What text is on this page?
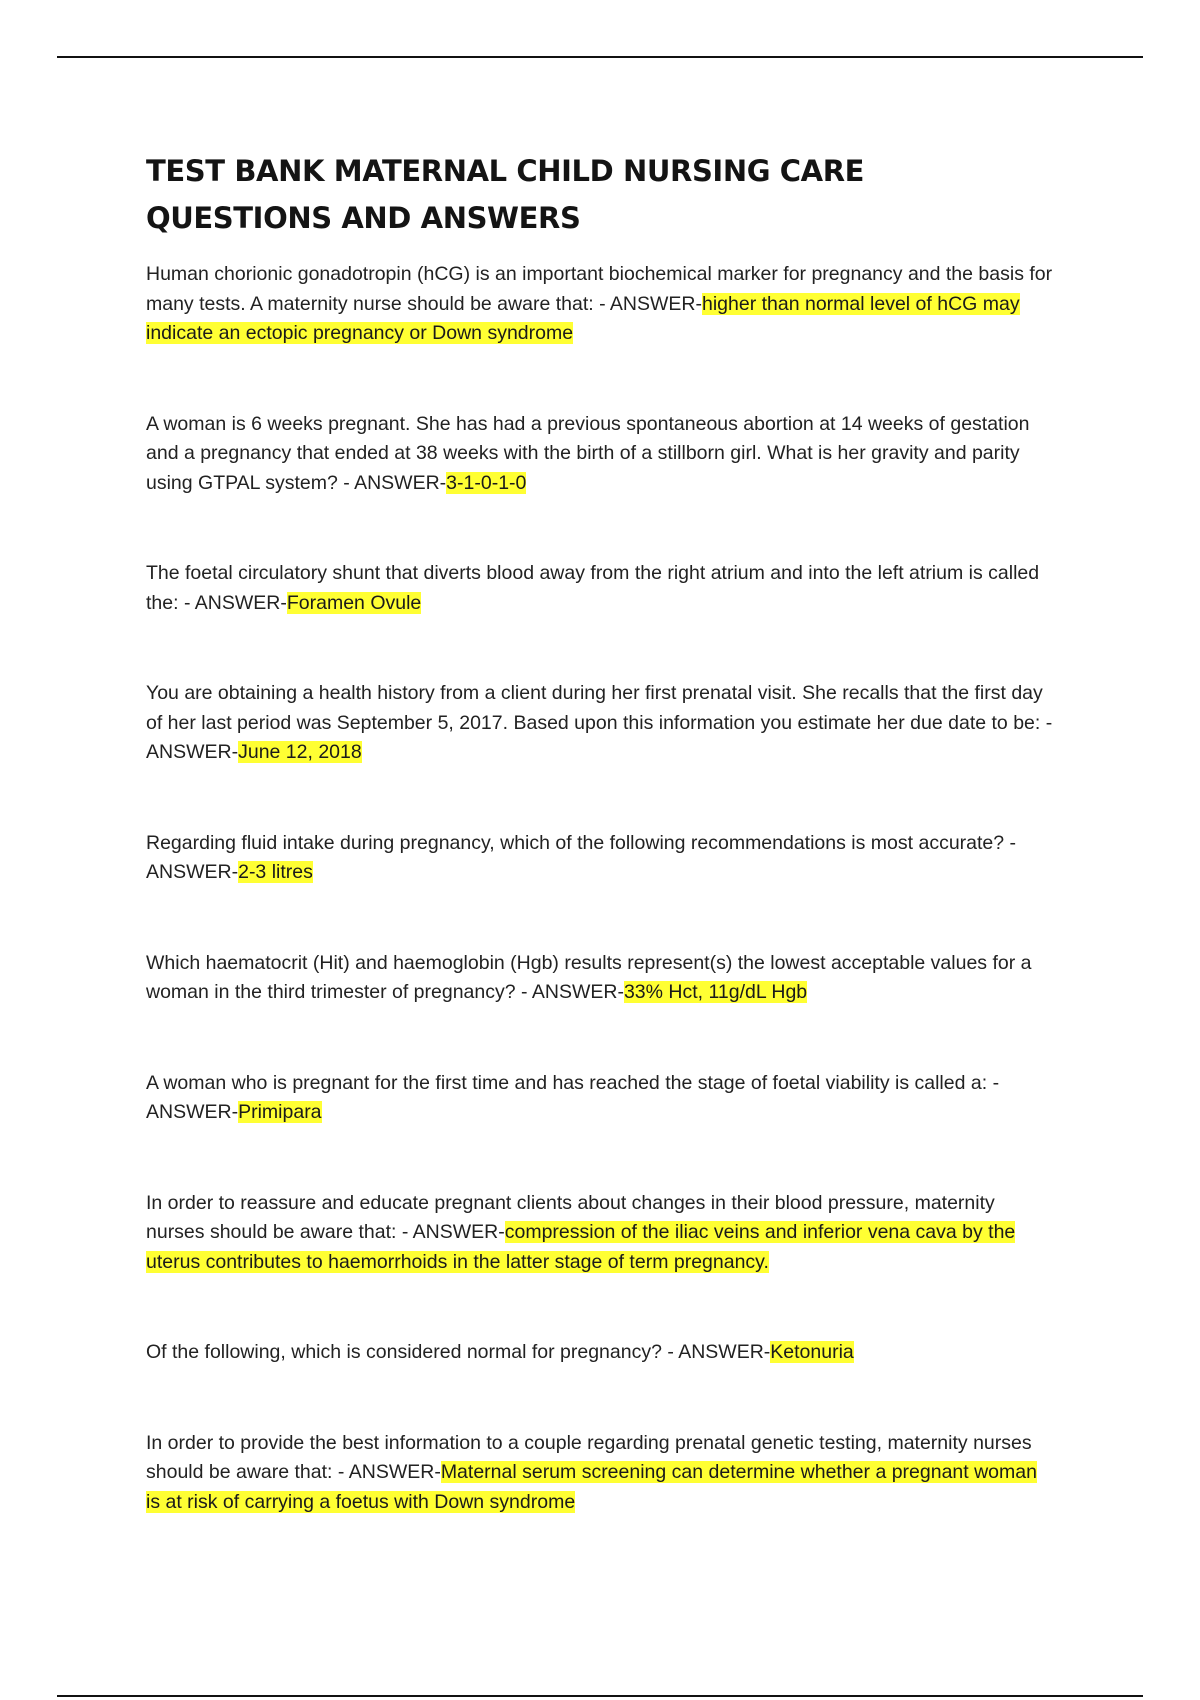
TEST BANK MATERNAL CHILD NURSING CARE QUESTIONS AND ANSWERS

Human chorionic gonadotropin (hCG) is an important biochemical marker for pregnancy and the basis for many tests. A maternity nurse should be aware that: - ANSWER-higher than normal level of hCG may indicate an ectopic pregnancy or Down syndrome

A woman is 6 weeks pregnant. She has had a previous spontaneous abortion at 14 weeks of gestation and a pregnancy that ended at 38 weeks with the birth of a stillborn girl. What is her gravity and parity using GTPAL system? - ANSWER-3-1-0-1-0

The foetal circulatory shunt that diverts blood away from the right atrium and into the left atrium is called the: - ANSWER-Foramen Ovule

You are obtaining a health history from a client during her first prenatal visit. She recalls that the first day of her last period was September 5, 2017. Based upon this information you estimate her due date to be: - ANSWER-June 12, 2018

Regarding fluid intake during pregnancy, which of the following recommendations is most accurate? - ANSWER-2-3 litres

Which haematocrit (Hit) and haemoglobin (Hgb) results represent(s) the lowest acceptable values for a woman in the third trimester of pregnancy? - ANSWER-33% Hct, 11g/dL Hgb

A woman who is pregnant for the first time and has reached the stage of foetal viability is called a: - ANSWER-Primipara

In order to reassure and educate pregnant clients about changes in their blood pressure, maternity nurses should be aware that: - ANSWER-compression of the iliac veins and inferior vena cava by the uterus contributes to haemorrhoids in the latter stage of term pregnancy.

Of the following, which is considered normal for pregnancy? - ANSWER-Ketonuria

In order to provide the best information to a couple regarding prenatal genetic testing, maternity nurses should be aware that: - ANSWER-Maternal serum screening can determine whether a pregnant woman is at risk of carrying a foetus with Down syndrome
